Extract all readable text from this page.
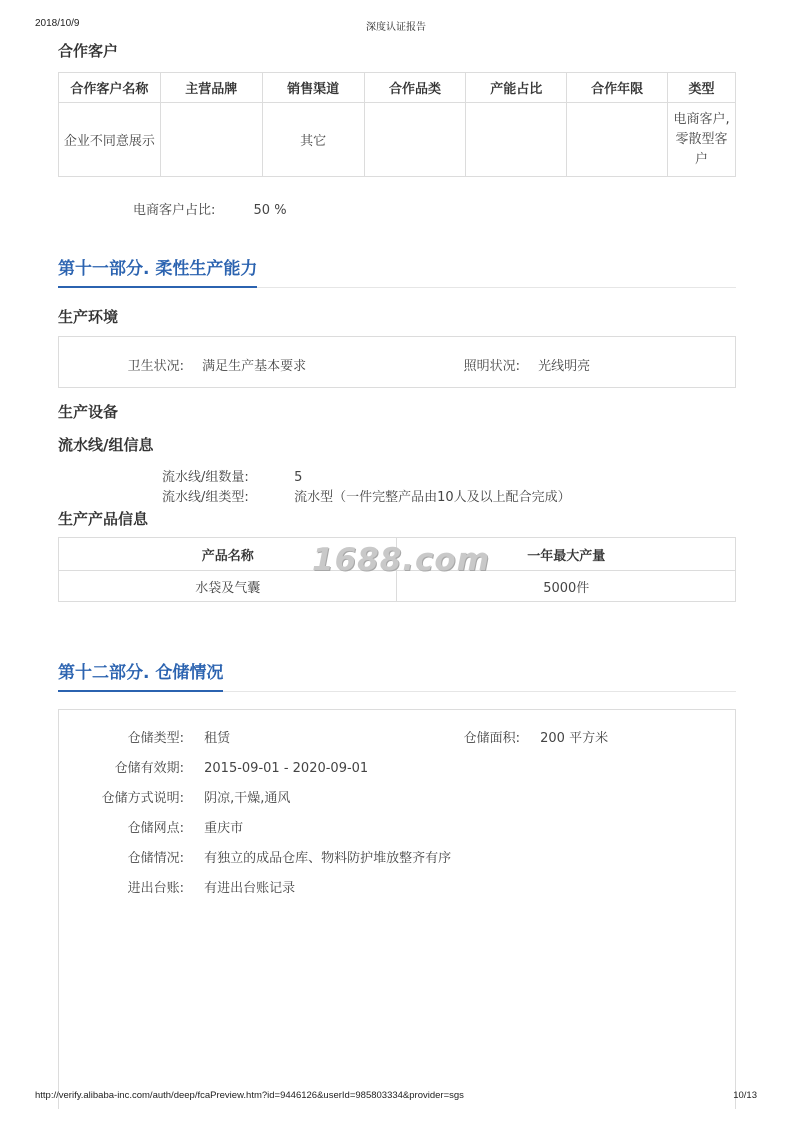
2018/10/9	深度认证报告
合作客户
合作客户名称	主营品牌	销售渠道	合作品类	产能占比	合作年限	类型
企业不同意展示		其它				电商客户,
零散型客
户
电商客户占比:	50 %
第十一部分. 柔性生产能力
生产环境
卫生状况: 满足生产基本要求	照明状况: 光线明亮
生产设备
流水线/组信息
流水线/组数量:	5
流水线/组类型:	流水型（一件完整产品由10人及以上配合完成）
生产产品信息
产品名称	一年最大产量
水袋及气囊	5000件
1688.com
第十二部分. 仓储情况
仓储类型: 租赁	仓储面积: 200 平方米
仓储有效期: 2015-09-01 - 2020-09-01
仓储方式说明: 阴凉,干燥,通风
仓储网点: 重庆市
仓储情况: 有独立的成品仓库、物料防护堆放整齐有序
进出台账: 有进出台账记录
http://verify.alibaba-inc.com/auth/deep/fcaPreview.htm?id=9446126&userId=985803334&provider=sgs	10/13
